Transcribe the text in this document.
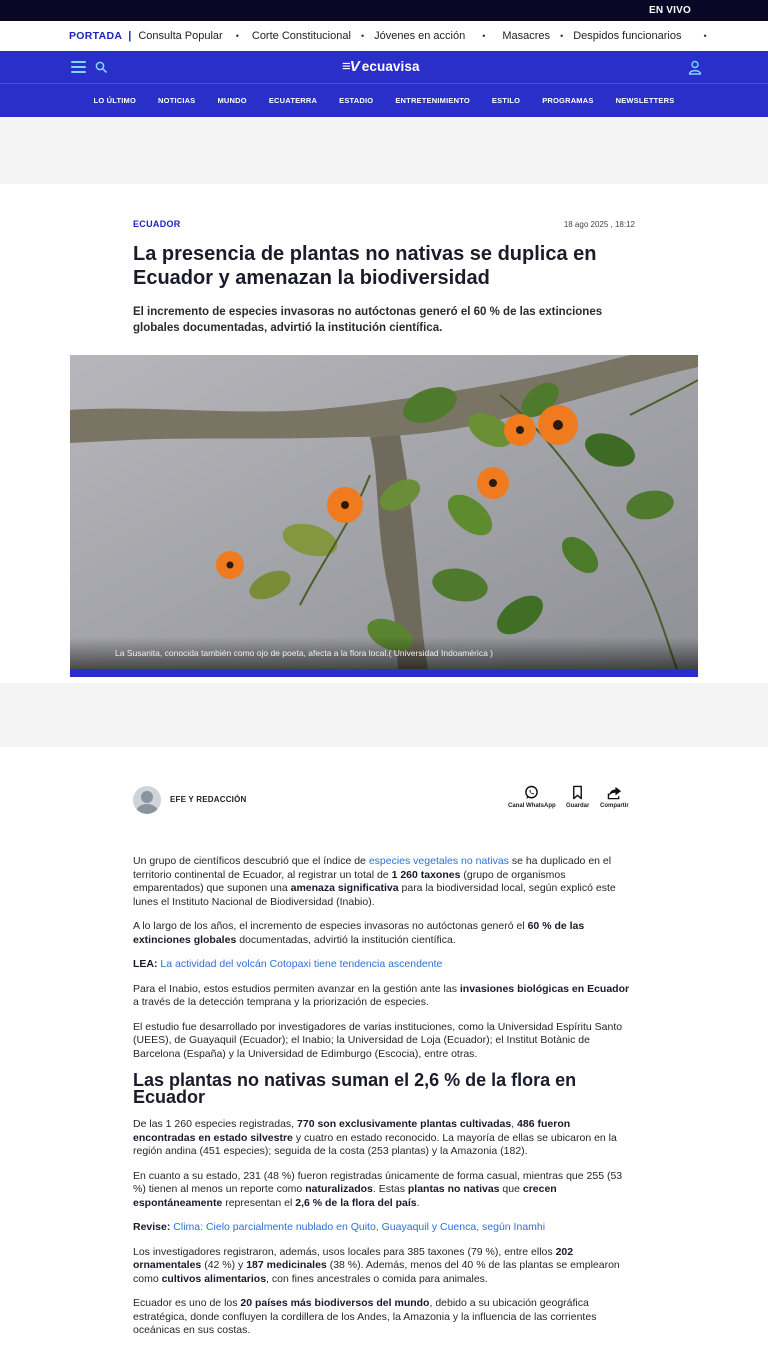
EN VIVO
PORTADA | Consulta Popular • Corte Constitucional • Jóvenes en acción • Masacres • Despidos funcionarios •
≡V ecuavisa
LO ÚLTIMO	NOTICIAS	MUNDO	ECUATERRA	ESTADIO	ENTRETENIMIENTO	ESTILO	PROGRAMAS	NEWSLETTERS
ECUADOR	18 ago 2025 , 18:12
La presencia de plantas no nativas se duplica en Ecuador y amenazan la biodiversidad

El incremento de especies invasoras no autóctonas generó el 60 % de las extinciones globales documentadas, advirtió la institución científica.

La Susanita, conocida también como ojo de poeta, afecta a la flora local.( Universidad Indoamérica )
EFE Y REDACCIÓN
Canal WhatsApp Guardar Compartir

Un grupo de científicos descubrió que el índice de especies vegetales no nativas se ha duplicado en el territorio continental de Ecuador, al registrar un total de 1 260 taxones (grupo de organismos emparentados) que suponen una amenaza significativa para la biodiversidad local, según explicó este lunes el Instituto Nacional de Biodiversidad (Inabio).

A lo largo de los años, el incremento de especies invasoras no autóctonas generó el 60 % de las extinciones globales documentadas, advirtió la institución científica.

LEA: La actividad del volcán Cotopaxi tiene tendencia ascendente

Para el Inabio, estos estudios permiten avanzar en la gestión ante las invasiones biológicas en Ecuador a través de la detección temprana y la priorización de especies.

El estudio fue desarrollado por investigadores de varias instituciones, como la Universidad Espíritu Santo (UEES), de Guayaquil (Ecuador); el Inabio; la Universidad de Loja (Ecuador); el Institut Botànic de Barcelona (España) y la Universidad de Edimburgo (Escocia), entre otras.

Las plantas no nativas suman el 2,6 % de la flora en Ecuador

De las 1 260 especies registradas, 770 son exclusivamente plantas cultivadas, 486 fueron encontradas en estado silvestre y cuatro en estado reconocido. La mayoría de ellas se ubicaron en la región andina (451 especies); seguida de la costa (253 plantas) y la Amazonia (182).

En cuanto a su estado, 231 (48 %) fueron registradas únicamente de forma casual, mientras que 255 (53 %) tienen al menos un reporte como naturalizados. Estas plantas no nativas que crecen espontáneamente representan el 2,6 % de la flora del país.

Revise: Clima: Cielo parcialmente nublado en Quito, Guayaquil y Cuenca, según Inamhi

Los investigadores registraron, además, usos locales para 385 taxones (79 %), entre ellos 202 ornamentales (42 %) y 187 medicinales (38 %). Además, menos del 40 % de las plantas se emplearon como cultivos alimentarios, con fines ancestrales o comida para animales.

Ecuador es uno de los 20 países más biodiversos del mundo, debido a su ubicación geográfica estratégica, donde confluyen la cordillera de los Andes, la Amazonia y la influencia de las corrientes oceánicas en sus costas.
